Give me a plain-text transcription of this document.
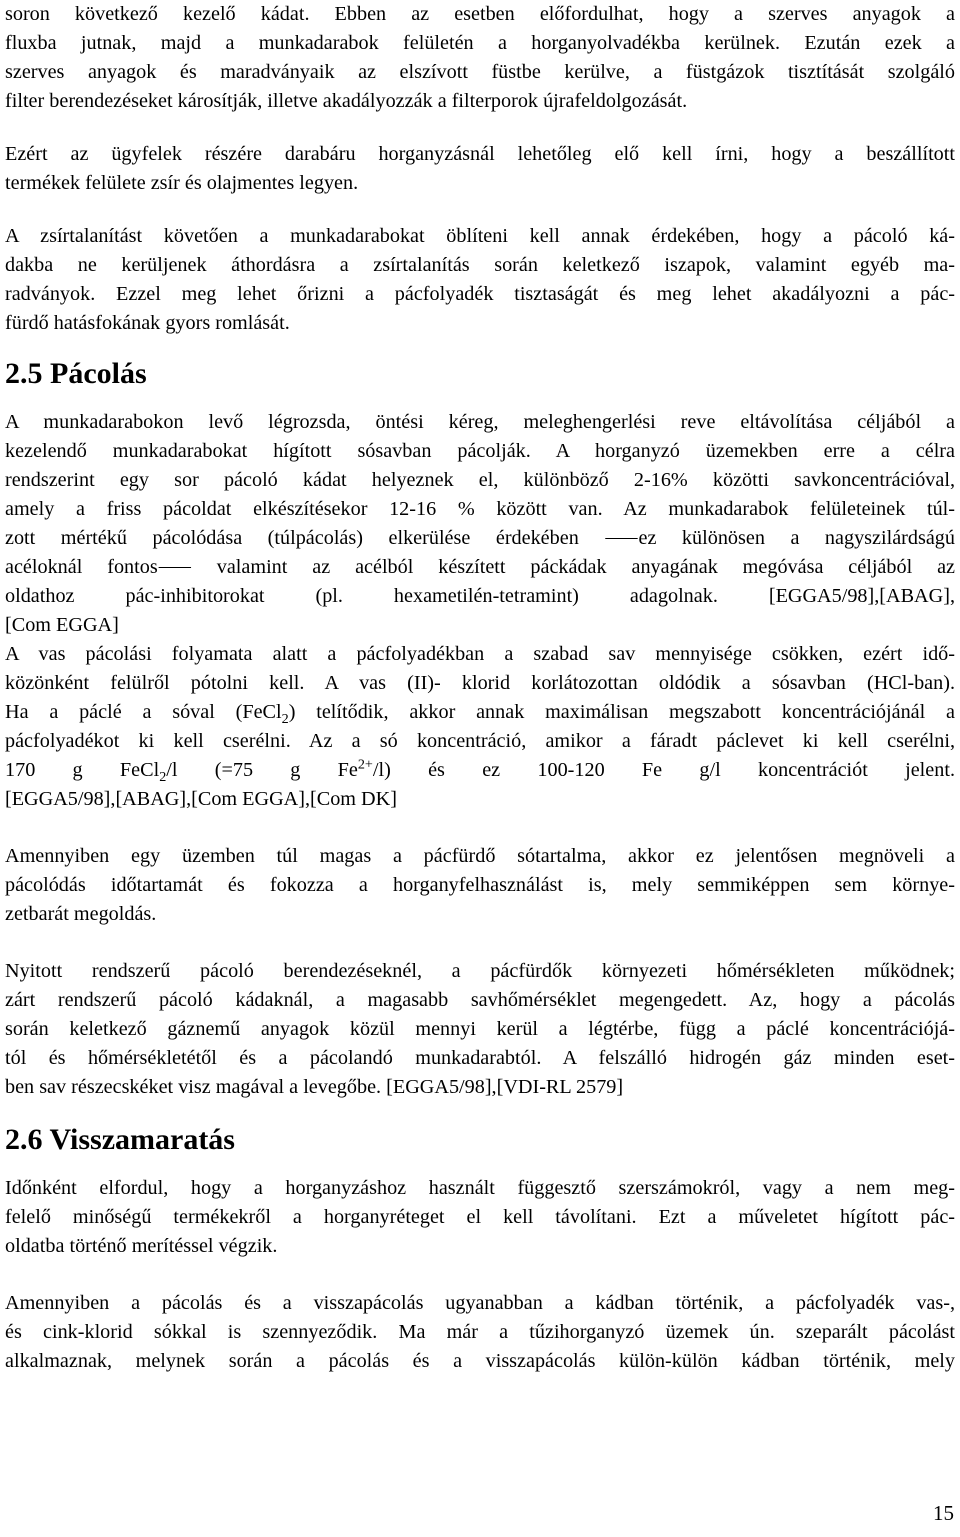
soron következő kezelő kádat. Ebben az esetben előfordulhat, hogy a szerves anyagok a
fluxba jutnak, majd a munkadarabok felületén a horganyolvadékba kerülnek. Ezután ezek a
szerves anyagok és maradványaik az elszívott füstbe kerülve, a füstgázok tisztítását szolgáló
filter berendezéseket károsítják, illetve akadályozzák a filterporok újrafeldolgozását.

Ezért az ügyfelek részére darabáru horganyzásnál lehetőleg elő kell írni, hogy a beszállított
termékek felülete zsír és olajmentes legyen.

A zsírtalanítást követően a munkadarabokat öblíteni kell annak érdekében, hogy a pácoló ká-
dakba ne kerüljenek áthordásra a zsírtalanítás során keletkező iszapok, valamint egyéb ma-
radványok. Ezzel meg lehet őrizni a pácfolyadék tisztaságát és meg lehet akadályozni a pác-
fürdő hatásfokának gyors romlását.

2.5 Pácolás

A munkadarabokon levő légrozsda, öntési kéreg, meleghengerlési reve eltávolítása céljából a
kezelendő munkadarabokat hígított sósavban pácolják. A horganyzó üzemekben erre a célra
rendszerint egy sor pácoló kádat helyeznek el, különböző 2-16% közötti savkoncentrációval,
amely a friss pácoldat elkészítésekor 12-16 % között van. Az munkadarabok felületeinek túl-
zott mértékű pácolódása (túlpácolás) elkerülése érdekében ⸺ez különösen a nagyszilárdságú
acéloknál fontos⸺ valamint az acélból készített páckádak anyagának megóvása céljából az
oldathoz pác-inhibitorokat (pl. hexametilén-tetramint) adagolnak. [EGGA5/98],[ABAG],
[Com EGGA]

A vas pácolási folyamata alatt a pácfolyadékban a szabad sav mennyisége csökken, ezért idő-
közönként felülről pótolni kell. A vas (II)- klorid korlátozottan oldódik a sósavban (HCl-ban).
Ha a páclé a sóval (FeCl$_2$) telítődik, akkor annak maximálisan megszabott koncentrációjánál a
pácfolyadékot ki kell cserélni. Az a só koncentráció, amikor a fáradt páclevet ki kell cserélni,
170 g FeCl$_2$/l (=75 g $Fe^{2+}/l$) és ez 100-120 Fe g/l koncentrációt jelent.
[EGGA5/98],[ABAG],[Com EGGA],[Com DK]

Amennyiben egy üzemben túl magas a pácfürdő sótartalma, akkor ez jelentősen megnöveli a
pácolódás időtartamát és fokozza a horganyfelhasználást is, mely semmiképpen sem környe-
zetbarát megoldás.

Nyitott rendszerű pácoló berendezéseknél, a pácfürdők környezeti hőmérsékleten működnek;
zárt rendszerű pácoló kádaknál, a magasabb savhőmérséklet megengedett. Az, hogy a pácolás
során keletkező gáznemű anyagok közül mennyi kerül a légtérbe, függ a páclé koncentrációjá-
tól és hőmérsékletétől és a pácolandó munkadarabtól. A felszálló hidrogén gáz minden eset-
ben sav részecskéket visz magával a levegőbe. [EGGA5/98],[VDI-RL 2579]

2.6 Visszamaratás

Időnként elfordul, hogy a horganyzáshoz használt függesztő szerszámokról, vagy a nem meg-
felelő minőségű termékekről a horganyréteget el kell távolítani. Ezt a műveletet hígított pác-
oldatba történő merítéssel végzik.

Amennyiben a pácolás és a visszapácolás ugyanabban a kádban történik, a pácfolyadék vas-,
és cink-klorid sókkal is szennyeződik. Ma már a tűzihorganyzó üzemek ún. szeparált pácolást
alkalmaznak, melynek során a pácolás és a visszapácolás külön-külön kádban történik, mely

15
